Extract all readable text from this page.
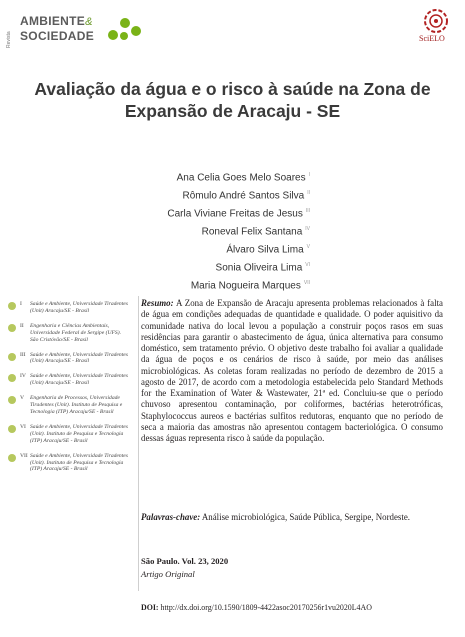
Revista
AMBIENTE&
SOCIEDADE	SciELO
Avaliação da água e o risco à saúde na Zona de Expansão de Aracaju - SE
Ana Celia Goes Melo Soares $^I$
Rômulo André Santos Silva $^{II}$
Carla Viviane Freitas de Jesus $^{III}$
Roneval Felix Santana $^{IV}$
Álvaro Silva Lima $^V$
Sonia Oliveira Lima $^{VI}$
Maria Nogueira Marques $^{VII}$
I Saúde e Ambiente, Universidade Tiradentes (Unit) Aracaju/SE - Brasil
II Engenharia e Ciências Ambientais, Universidade Federal de Sergipe (UFS). São Cristóvão/SE - Brasil
III Saúde e Ambiente, Universidade Tiradentes (Unit) Aracaju/SE - Brasil
IV Saúde e Ambiente, Universidade Tiradentes (Unit) Aracaju/SE - Brasil
V Engenharia de Processos, Universidade Tiradentes (Unit). Instituto de Pesquisa e Tecnologia (ITP) Aracaju/SE - Brasil
VI Saúde e Ambiente, Universidade Tiradentes (Unit). Instituto de Pesquisa e Tecnologia (ITP) Aracaju/SE - Brasil
VII Saúde e Ambiente, Universidade Tiradentes (Unit). Instituto de Pesquisa e Tecnologia (ITP) Aracaju/SE - Brasil
Resumo: A Zona de Expansão de Aracaju apresenta problemas relacionados à falta de água em condições adequadas de quantidade e qualidade. O poder aquisitivo da comunidade nativa do local levou a população a construir poços rasos em suas residências para garantir o abastecimento de água, única alternativa para consumo doméstico, sem tratamento prévio. O objetivo deste trabalho foi avaliar a qualidade da água de poços e os cenários de risco à saúde, por meio das análises microbiológicas. As coletas foram realizadas no período de dezembro de 2015 a agosto de 2017, de acordo com a metodologia estabelecida pelo Standard Methods for the Examination of Water & Wastewater, 21ª ed. Concluiu-se que o período chuvoso apresentou contaminação, por coliformes, bactérias heterotróficas, Staphylococcus aureos e bactérias sulfitos redutoras, enquanto que no período de seca a maioria das amostras não apresentou contagem bacteriológica. O consumo dessas águas representa risco à saúde da população.
Palavras-chave: Análise microbiológica, Saúde Pública, Sergipe, Nordeste.
São Paulo. Vol. 23, 2020
Artigo Original
DOI: http://dx.doi.org/10.1590/1809-4422asoc20170256r1vu2020L4AO
